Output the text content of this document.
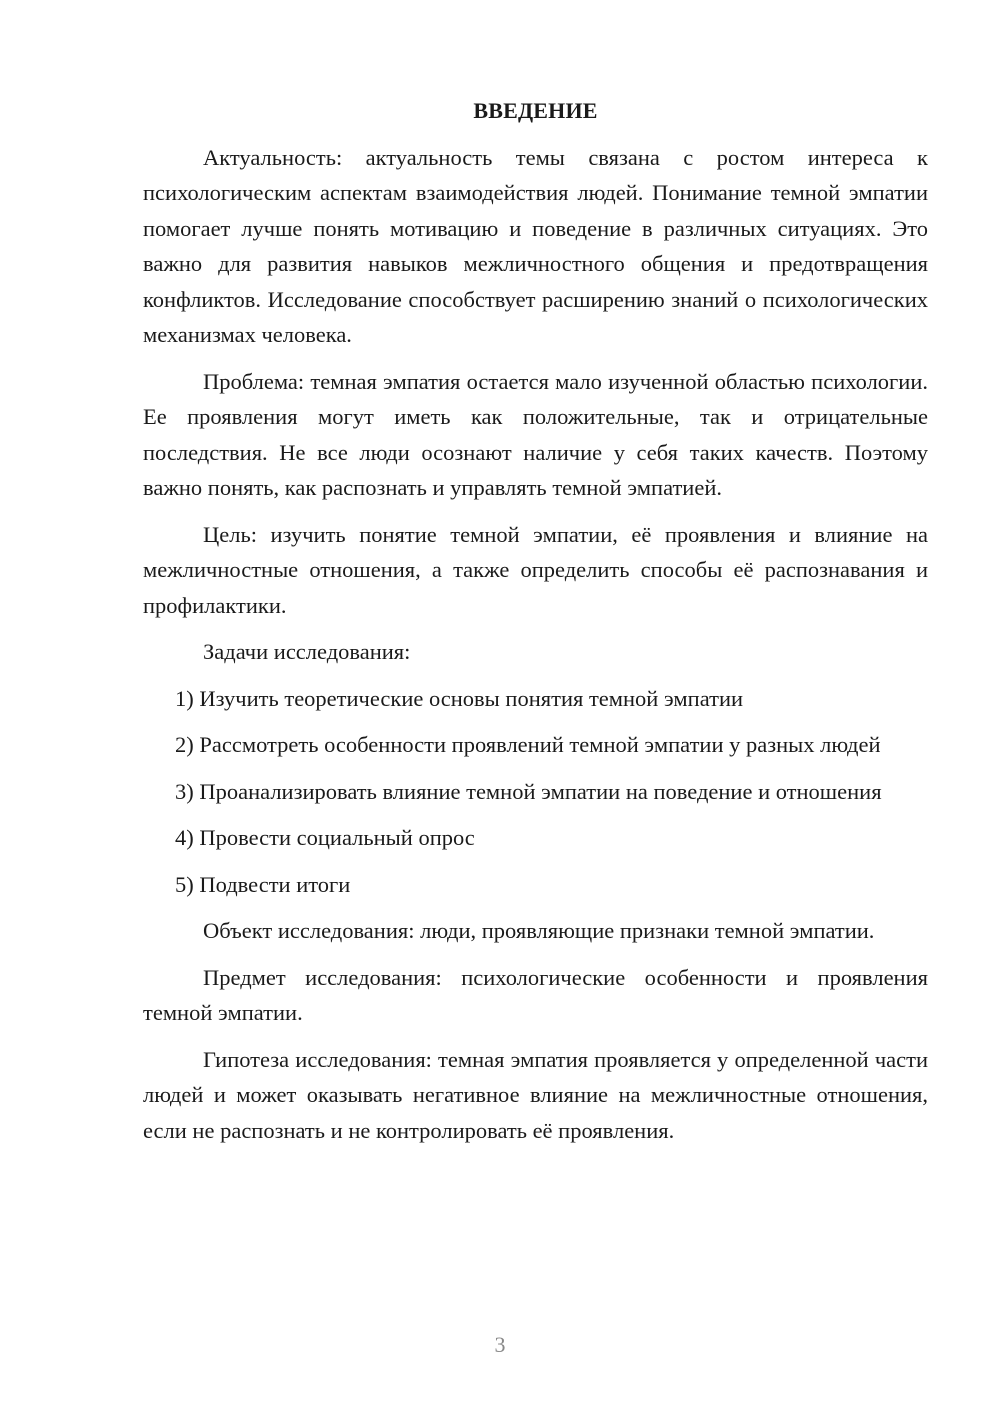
ВВЕДЕНИЕ

Актуальность: актуальность темы связана с ростом интереса к психологическим аспектам взаимодействия людей. Понимание темной эмпатии помогает лучше понять мотивацию и поведение в различных ситуациях. Это важно для развития навыков межличностного общения и предотвращения конфликтов. Исследование способствует расширению знаний о психологических механизмах человека.

Проблема: темная эмпатия остается мало изученной областью психологии. Ее проявления могут иметь как положительные, так и отрицательные последствия. Не все люди осознают наличие у себя таких качеств. Поэтому важно понять, как распознать и управлять темной эмпатией.

Цель: изучить понятие темной эмпатии, её проявления и влияние на межличностные отношения, а также определить способы её распознавания и профилактики.

Задачи исследования:

1) Изучить теоретические основы понятия темной эмпатии

2) Рассмотреть особенности проявлений темной эмпатии у разных людей

3) Проанализировать влияние темной эмпатии на поведение и отношения

4) Провести социальный опрос

5) Подвести итоги

Объект исследования: люди, проявляющие признаки темной эмпатии.

Предмет исследования: психологические особенности и проявления темной эмпатии.

Гипотеза исследования: темная эмпатия проявляется у определенной части людей и может оказывать негативное влияние на межличностные отношения, если не распознать и не контролировать её проявления.

3
